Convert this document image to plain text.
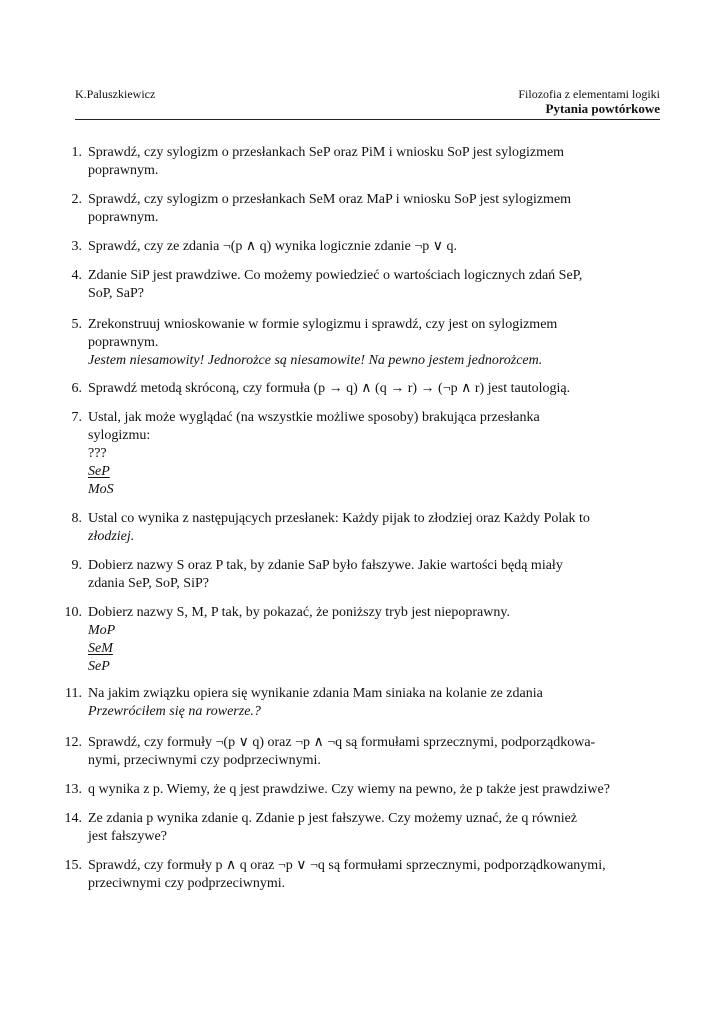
K.Paluszkiewicz	Filozofia z elementami logiki
Pytania powtórkowe
1. Sprawdź, czy sylogizm o przesłankach SeP oraz PiM i wniosku SoP jest sylogizmem
poprawnym.
2. Sprawdź, czy sylogizm o przesłankach SeM oraz MaP i wniosku SoP jest sylogizmem
poprawnym.
3. Sprawdź, czy ze zdania ¬(p ∧ q) wynika logicznie zdanie ¬p ∨ q.
4. Zdanie SiP jest prawdziwe. Co możemy powiedzieć o wartościach logicznych zdań SeP,
SoP, SaP?
5. Zrekonstruuj wnioskowanie w formie sylogizmu i sprawdź, czy jest on sylogizmem
poprawnym.
Jestem niesamowity! Jednorożce są niesamowite! Na pewno jestem jednorożcem.
6. Sprawdź metodą skróconą, czy formuła (p → q) ∧ (q → r) → (¬p ∧ r) jest tautologią.
7. Ustal, jak może wyglądać (na wszystkie możliwe sposoby) brakująca przesłanka
sylogizmu:
???
SeP
MoS
8. Ustal co wynika z następujących przesłanek: Każdy pijak to złodziej oraz Każdy Polak to
złodziej.
9. Dobierz nazwy S oraz P tak, by zdanie SaP było fałszywe. Jakie wartości będą miały
zdania SeP, SoP, SiP?
10. Dobierz nazwy S, M, P tak, by pokazać, że poniższy tryb jest niepoprawny.
MoP
SeM
SeP
11. Na jakim związku opiera się wynikanie zdania Mam siniaka na kolanie ze zdania
Przewróciłem się na rowerze.?
12. Sprawdź, czy formuły ¬(p ∨ q) oraz ¬p ∧ ¬q są formułami sprzecznymi, podporządkowa-
nymi, przeciwnymi czy podprzeciwnymi.
13. q wynika z p. Wiemy, że q jest prawdziwe. Czy wiemy na pewno, że p także jest prawdziwe?
14. Ze zdania p wynika zdanie q. Zdanie p jest fałszywe. Czy możemy uznać, że q również
jest fałszywe?
15. Sprawdź, czy formuły p ∧ q oraz ¬p ∨ ¬q są formułami sprzecznymi, podporządkowanymi,
przeciwnymi czy podprzeciwnymi.
